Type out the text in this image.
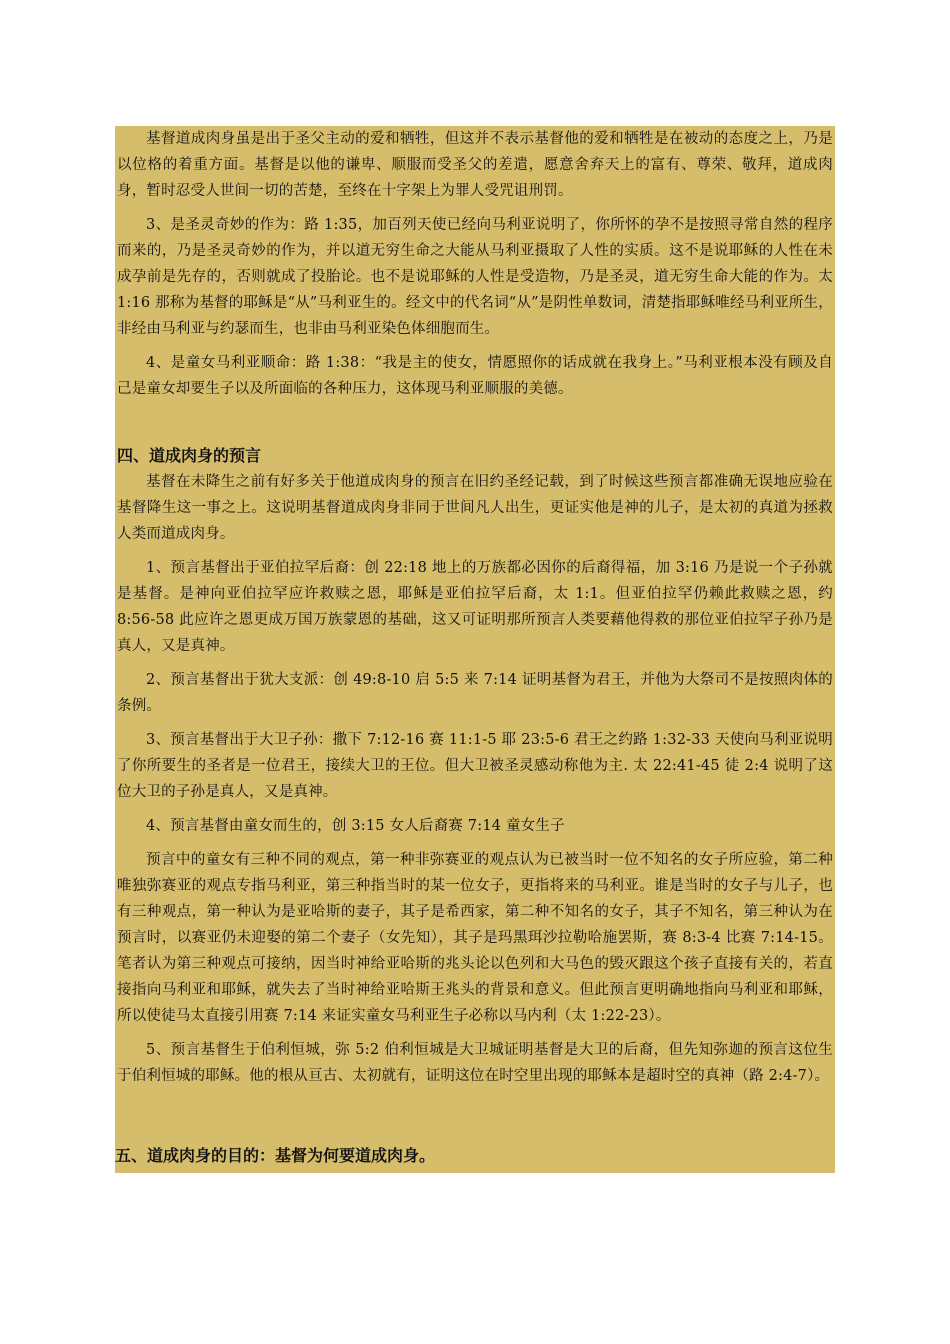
基督道成肉身虽是出于圣父主动的爱和牺牲，但这并不表示基督他的爱和牺牲是在被动的态度之上，乃是以位格的着重方面。基督是以他的谦卑、顺服而受圣父的差遣，愿意舍弃天上的富有、尊荣、敬拜，道成肉身，暂时忍受人世间一切的苦楚，至终在十字架上为罪人受咒诅刑罚。

3、是圣灵奇妙的作为：路 1:35，加百列天使已经向马利亚说明了，你所怀的孕不是按照寻常自然的程序而来的，乃是圣灵奇妙的作为，并以道无穷生命之大能从马利亚摄取了人性的实质。这不是说耶稣的人性在未成孕前是先存的，否则就成了投胎论。也不是说耶稣的人性是受造物，乃是圣灵，道无穷生命大能的作为。太 1:16 那称为基督的耶稣是“从”马利亚生的。经文中的代名词“从”是阴性单数词，清楚指耶稣唯经马利亚所生，非经由马利亚与约瑟而生，也非由马利亚染色体细胞而生。

4、是童女马利亚顺命：路 1:38：“我是主的使女，情愿照你的话成就在我身上。”马利亚根本没有顾及自己是童女却要生子以及所面临的各种压力，这体现马利亚顺服的美德。

四、道成肉身的预言

基督在未降生之前有好多关于他道成肉身的预言在旧约圣经记载，到了时候这些预言都准确无误地应验在基督降生这一事之上。这说明基督道成肉身非同于世间凡人出生，更证实他是神的儿子，是太初的真道为拯救人类而道成肉身。

1、预言基督出于亚伯拉罕后裔：创 22:18 地上的万族都必因你的后裔得福，加 3:16 乃是说一个子孙就是基督。是神向亚伯拉罕应许救赎之恩，耶稣是亚伯拉罕后裔，太 1:1。但亚伯拉罕仍赖此救赎之恩，约 8:56-58 此应许之恩更成万国万族蒙恩的基础，这又可证明那所预言人类要藉他得救的那位亚伯拉罕子孙乃是真人，又是真神。

2、预言基督出于犹大支派：创 49:8-10 启 5:5 来 7:14 证明基督为君王，并他为大祭司不是按照肉体的条例。

3、预言基督出于大卫子孙：撒下 7:12-16 赛 11:1-5 耶 23:5-6 君王之约路 1:32-33 天使向马利亚说明了你所要生的圣者是一位君王，接续大卫的王位。但大卫被圣灵感动称他为主. 太 22:41-45 徒 2:4 说明了这位大卫的子孙是真人，又是真神。

4、预言基督由童女而生的，创 3:15 女人后裔赛 7:14 童女生子

预言中的童女有三种不同的观点，第一种非弥赛亚的观点认为已被当时一位不知名的女子所应验，第二种唯独弥赛亚的观点专指马利亚，第三种指当时的某一位女子，更指将来的马利亚。谁是当时的女子与儿子，也有三种观点，第一种认为是亚哈斯的妻子，其子是希西家，第二种不知名的女子，其子不知名，第三种认为在预言时，以赛亚仍未迎娶的第二个妻子（女先知），其子是玛黑珥沙拉勒哈施罢斯，赛 8:3-4 比赛 7:14-15。笔者认为第三种观点可接纳，因当时神给亚哈斯的兆头论以色列和大马色的毁灭跟这个孩子直接有关的，若直接指向马利亚和耶稣，就失去了当时神给亚哈斯王兆头的背景和意义。但此预言更明确地指向马利亚和耶稣，所以使徒马太直接引用赛 7:14 来证实童女马利亚生子必称以马内利（太 1:22-23）。

5、预言基督生于伯利恒城，弥 5:2 伯利恒城是大卫城证明基督是大卫的后裔，但先知弥迦的预言这位生于伯利恒城的耶稣。他的根从亘古、太初就有，证明这位在时空里出现的耶稣本是超时空的真神（路 2:4-7）。

五、道成肉身的目的：基督为何要道成肉身。
